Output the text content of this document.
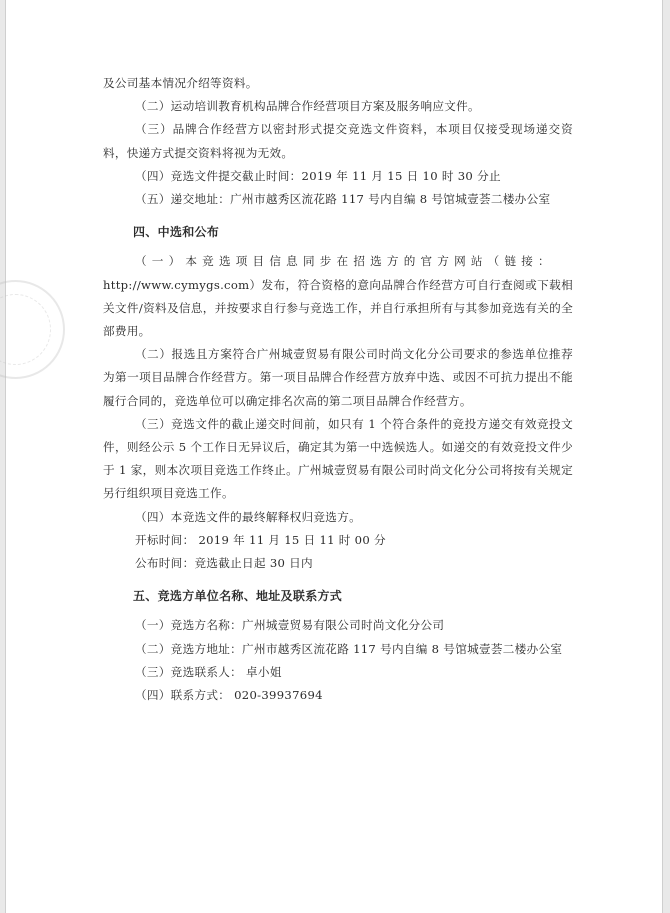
及公司基本情况介绍等资料。

（二）运动培训教育机构品牌合作经营项目方案及服务响应文件。

（三）品牌合作经营方以密封形式提交竞选文件资料，本项目仅接受现场递交资料，快递方式提交资料将视为无效。

（四）竞选文件提交截止时间：2019 年 11 月 15 日 10 时 30 分止

（五）递交地址：广州市越秀区流花路 117 号内自编 8 号馆城壹荟二楼办公室

四、中选和公布

（一）本竞选项目信息同步在招选方的官方网站（链接：

http://www.cymygs.com）发布，符合资格的意向品牌合作经营方可自行查阅或下载相关文件/资料及信息，并按要求自行参与竞选工作，并自行承担所有与其参加竞选有关的全部费用。

（二）报选且方案符合广州城壹贸易有限公司时尚文化分公司要求的参选单位推荐为第一项目品牌合作经营方。第一项目品牌合作经营方放弃中选、或因不可抗力提出不能履行合同的，竞选单位可以确定排名次高的第二项目品牌合作经营方。

（三）竞选文件的截止递交时间前，如只有 1 个符合条件的竞投方递交有效竞投文件，则经公示 5 个工作日无异议后，确定其为第一中选候选人。如递交的有效竞投文件少于 1 家，则本次项目竞选工作终止。广州城壹贸易有限公司时尚文化分公司将按有关规定另行组织项目竞选工作。

（四）本竞选文件的最终解释权归竞选方。

开标时间： 2019 年 11 月 15 日 11 时 00 分

公布时间：竞选截止日起 30 日内

五、竞选方单位名称、地址及联系方式

（一）竞选方名称：广州城壹贸易有限公司时尚文化分公司

（二）竞选方地址：广州市越秀区流花路 117 号内自编 8 号馆城壹荟二楼办公室

（三）竞选联系人： 卓小姐

（四）联系方式： 020-39937694
